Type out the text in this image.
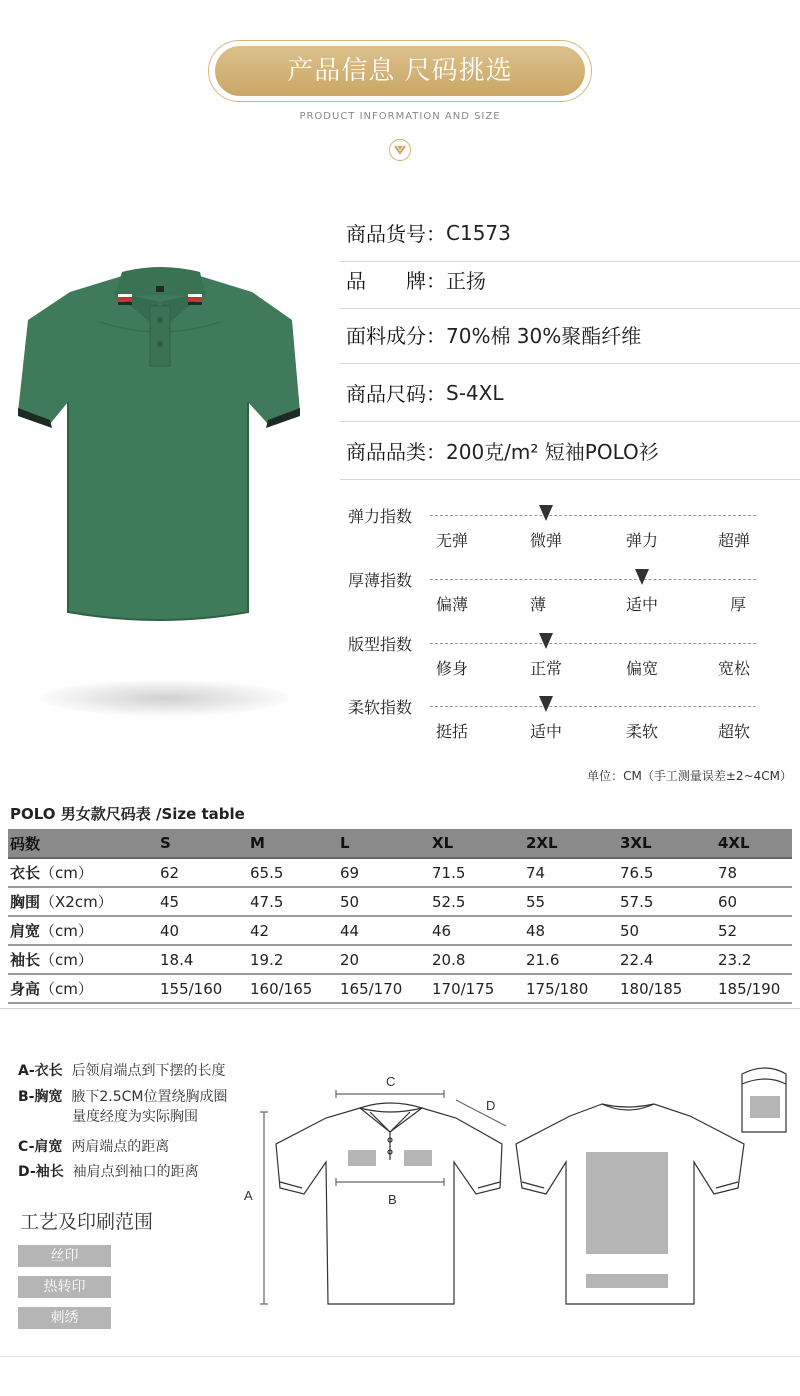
产品信息 尺码挑选
PRODUCT INFORMATION AND SIZE
商品货号： C1573
品　　牌： 正扬
面料成分： 70%棉 30%聚酯纤维
商品尺码： S-4XL
商品品类： 200克/m² 短袖POLO衫
弹力指数
无弹	微弹	弹力	超弹
厚薄指数
偏薄	薄	适中	厚
版型指数
修身	正常	偏宽	宽松
柔软指数
挺括	适中	柔软	超软
单位：CM（手工测量误差±2~4CM）
POLO 男女款尺码表 /Size table
码数	S	M	L	XL	2XL	3XL	4XL
衣长（cm）	62	65.5	69	71.5	74	76.5	78
胸围（X2cm）	45	47.5	50	52.5	55	57.5	60
肩宽（cm）	40	42	44	46	48	50	52
袖长（cm）	18.4	19.2	20	20.8	21.6	22.4	23.2
身高（cm）	155/160	160/165	165/170	170/175	175/180	180/185	185/190
A-衣长 后领肩端点到下摆的长度
B-胸宽 腋下2.5CM位置绕胸成圈
量度经度为实际胸围
C-肩宽 两肩端点的距离
D-袖长 袖肩点到袖口的距离
工艺及印刷范围
丝印
热转印
刺绣
A
C
B
D
